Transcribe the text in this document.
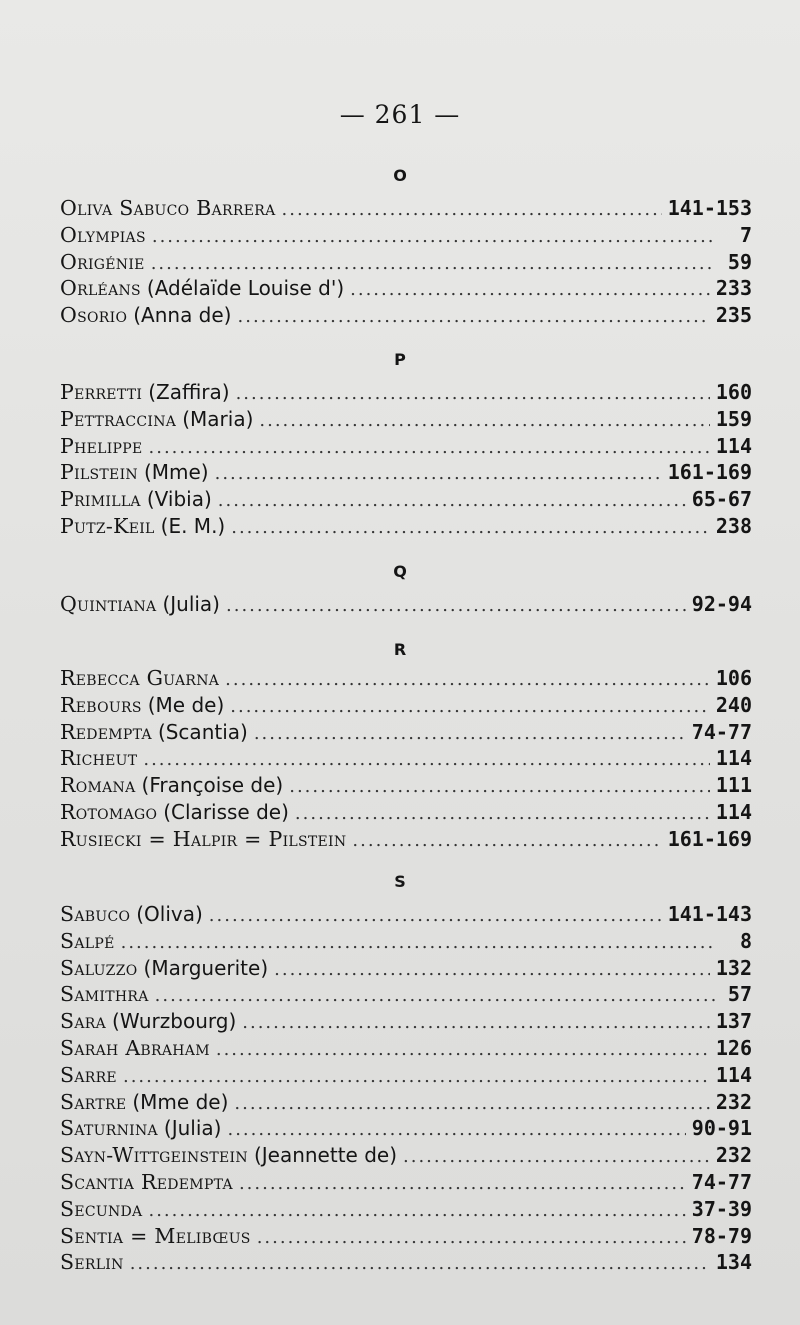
— 261 —
O
Oliva Sabuco Barrera .....	141-153
Olympias .....	7
Origénie .....	59
Orléans (Adélaïde Louise d') .....	233
Osorio (Anna de) .....	235
P
Perretti (Zaffira) .....	160
Pettraccina (Maria) .....	159
Phelippe .....	114
Pilstein (Mme) .....	161-169
Primilla (Vibia) .....	65-67
Putz-Keil (E. M.) .....	238
Q
Quintiana (Julia) .....	92-94
R
Rebecca Guarna .....	106
Rebours (Me de) .....	240
Redempta (Scantia) .....	74-77
Richeut .....	114
Romana (Françoise de) .....	111
Rotomago (Clarisse de) .....	114
Rusiecki = Halpir = Pilstein .....	161-169
S
Sabuco (Oliva) .....	141-143
Salpé .....	8
Saluzzo (Marguerite) .....	132
Samithra .....	57
Sara (Wurzbourg) .....	137
Sarah Abraham .....	126
Sarre .....	114
Sartre (Mme de) .....	232
Saturnina (Julia) .....	90-91
Sayn-Wittgeinstein (Jeannette de) .....	232
Scantia Redempta .....	74-77
Secunda .....	37-39
Sentia = Melibœus .....	78-79
Serlin .....	134
